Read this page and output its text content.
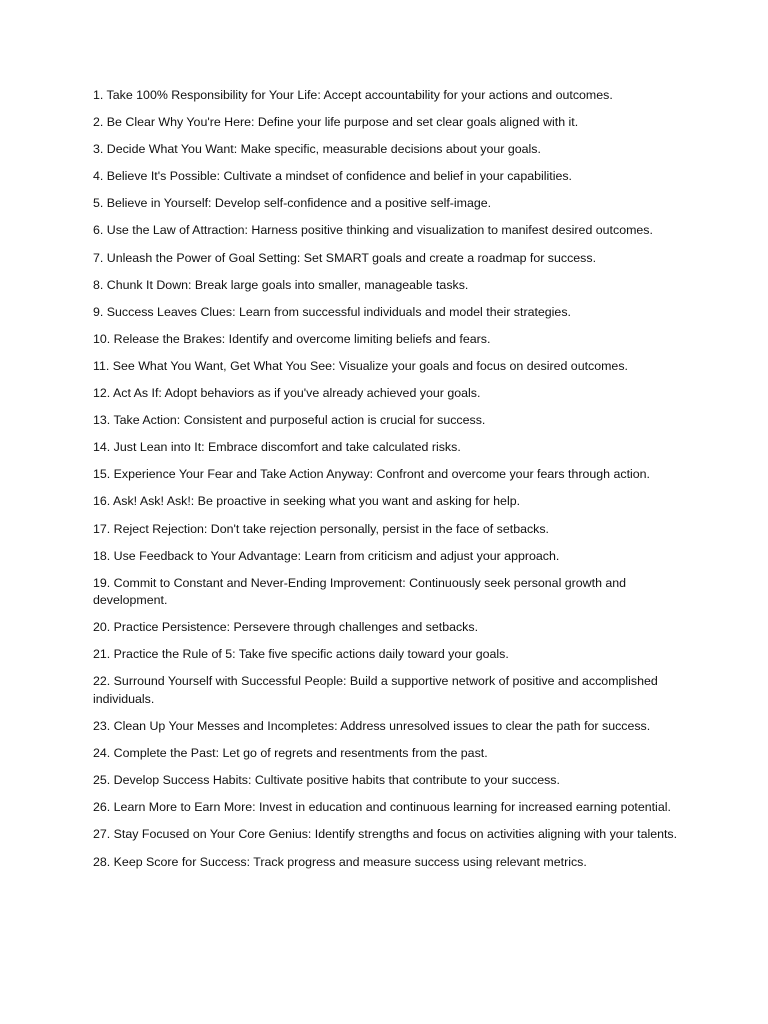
1. Take 100% Responsibility for Your Life: Accept accountability for your actions and outcomes.
2. Be Clear Why You're Here: Define your life purpose and set clear goals aligned with it.
3. Decide What You Want: Make specific, measurable decisions about your goals.
4. Believe It's Possible: Cultivate a mindset of confidence and belief in your capabilities.
5. Believe in Yourself: Develop self-confidence and a positive self-image.
6. Use the Law of Attraction: Harness positive thinking and visualization to manifest desired outcomes.
7. Unleash the Power of Goal Setting: Set SMART goals and create a roadmap for success.
8. Chunk It Down: Break large goals into smaller, manageable tasks.
9. Success Leaves Clues: Learn from successful individuals and model their strategies.
10. Release the Brakes: Identify and overcome limiting beliefs and fears.
11. See What You Want, Get What You See: Visualize your goals and focus on desired outcomes.
12. Act As If: Adopt behaviors as if you've already achieved your goals.
13. Take Action: Consistent and purposeful action is crucial for success.
14. Just Lean into It: Embrace discomfort and take calculated risks.
15. Experience Your Fear and Take Action Anyway: Confront and overcome your fears through action.
16. Ask! Ask! Ask!: Be proactive in seeking what you want and asking for help.
17. Reject Rejection: Don't take rejection personally, persist in the face of setbacks.
18. Use Feedback to Your Advantage: Learn from criticism and adjust your approach.
19. Commit to Constant and Never-Ending Improvement: Continuously seek personal growth and development.
20. Practice Persistence: Persevere through challenges and setbacks.
21. Practice the Rule of 5: Take five specific actions daily toward your goals.
22. Surround Yourself with Successful People: Build a supportive network of positive and accomplished individuals.
23. Clean Up Your Messes and Incompletes: Address unresolved issues to clear the path for success.
24. Complete the Past: Let go of regrets and resentments from the past.
25. Develop Success Habits: Cultivate positive habits that contribute to your success.
26. Learn More to Earn More: Invest in education and continuous learning for increased earning potential.
27. Stay Focused on Your Core Genius: Identify strengths and focus on activities aligning with your talents.
28. Keep Score for Success: Track progress and measure success using relevant metrics.
